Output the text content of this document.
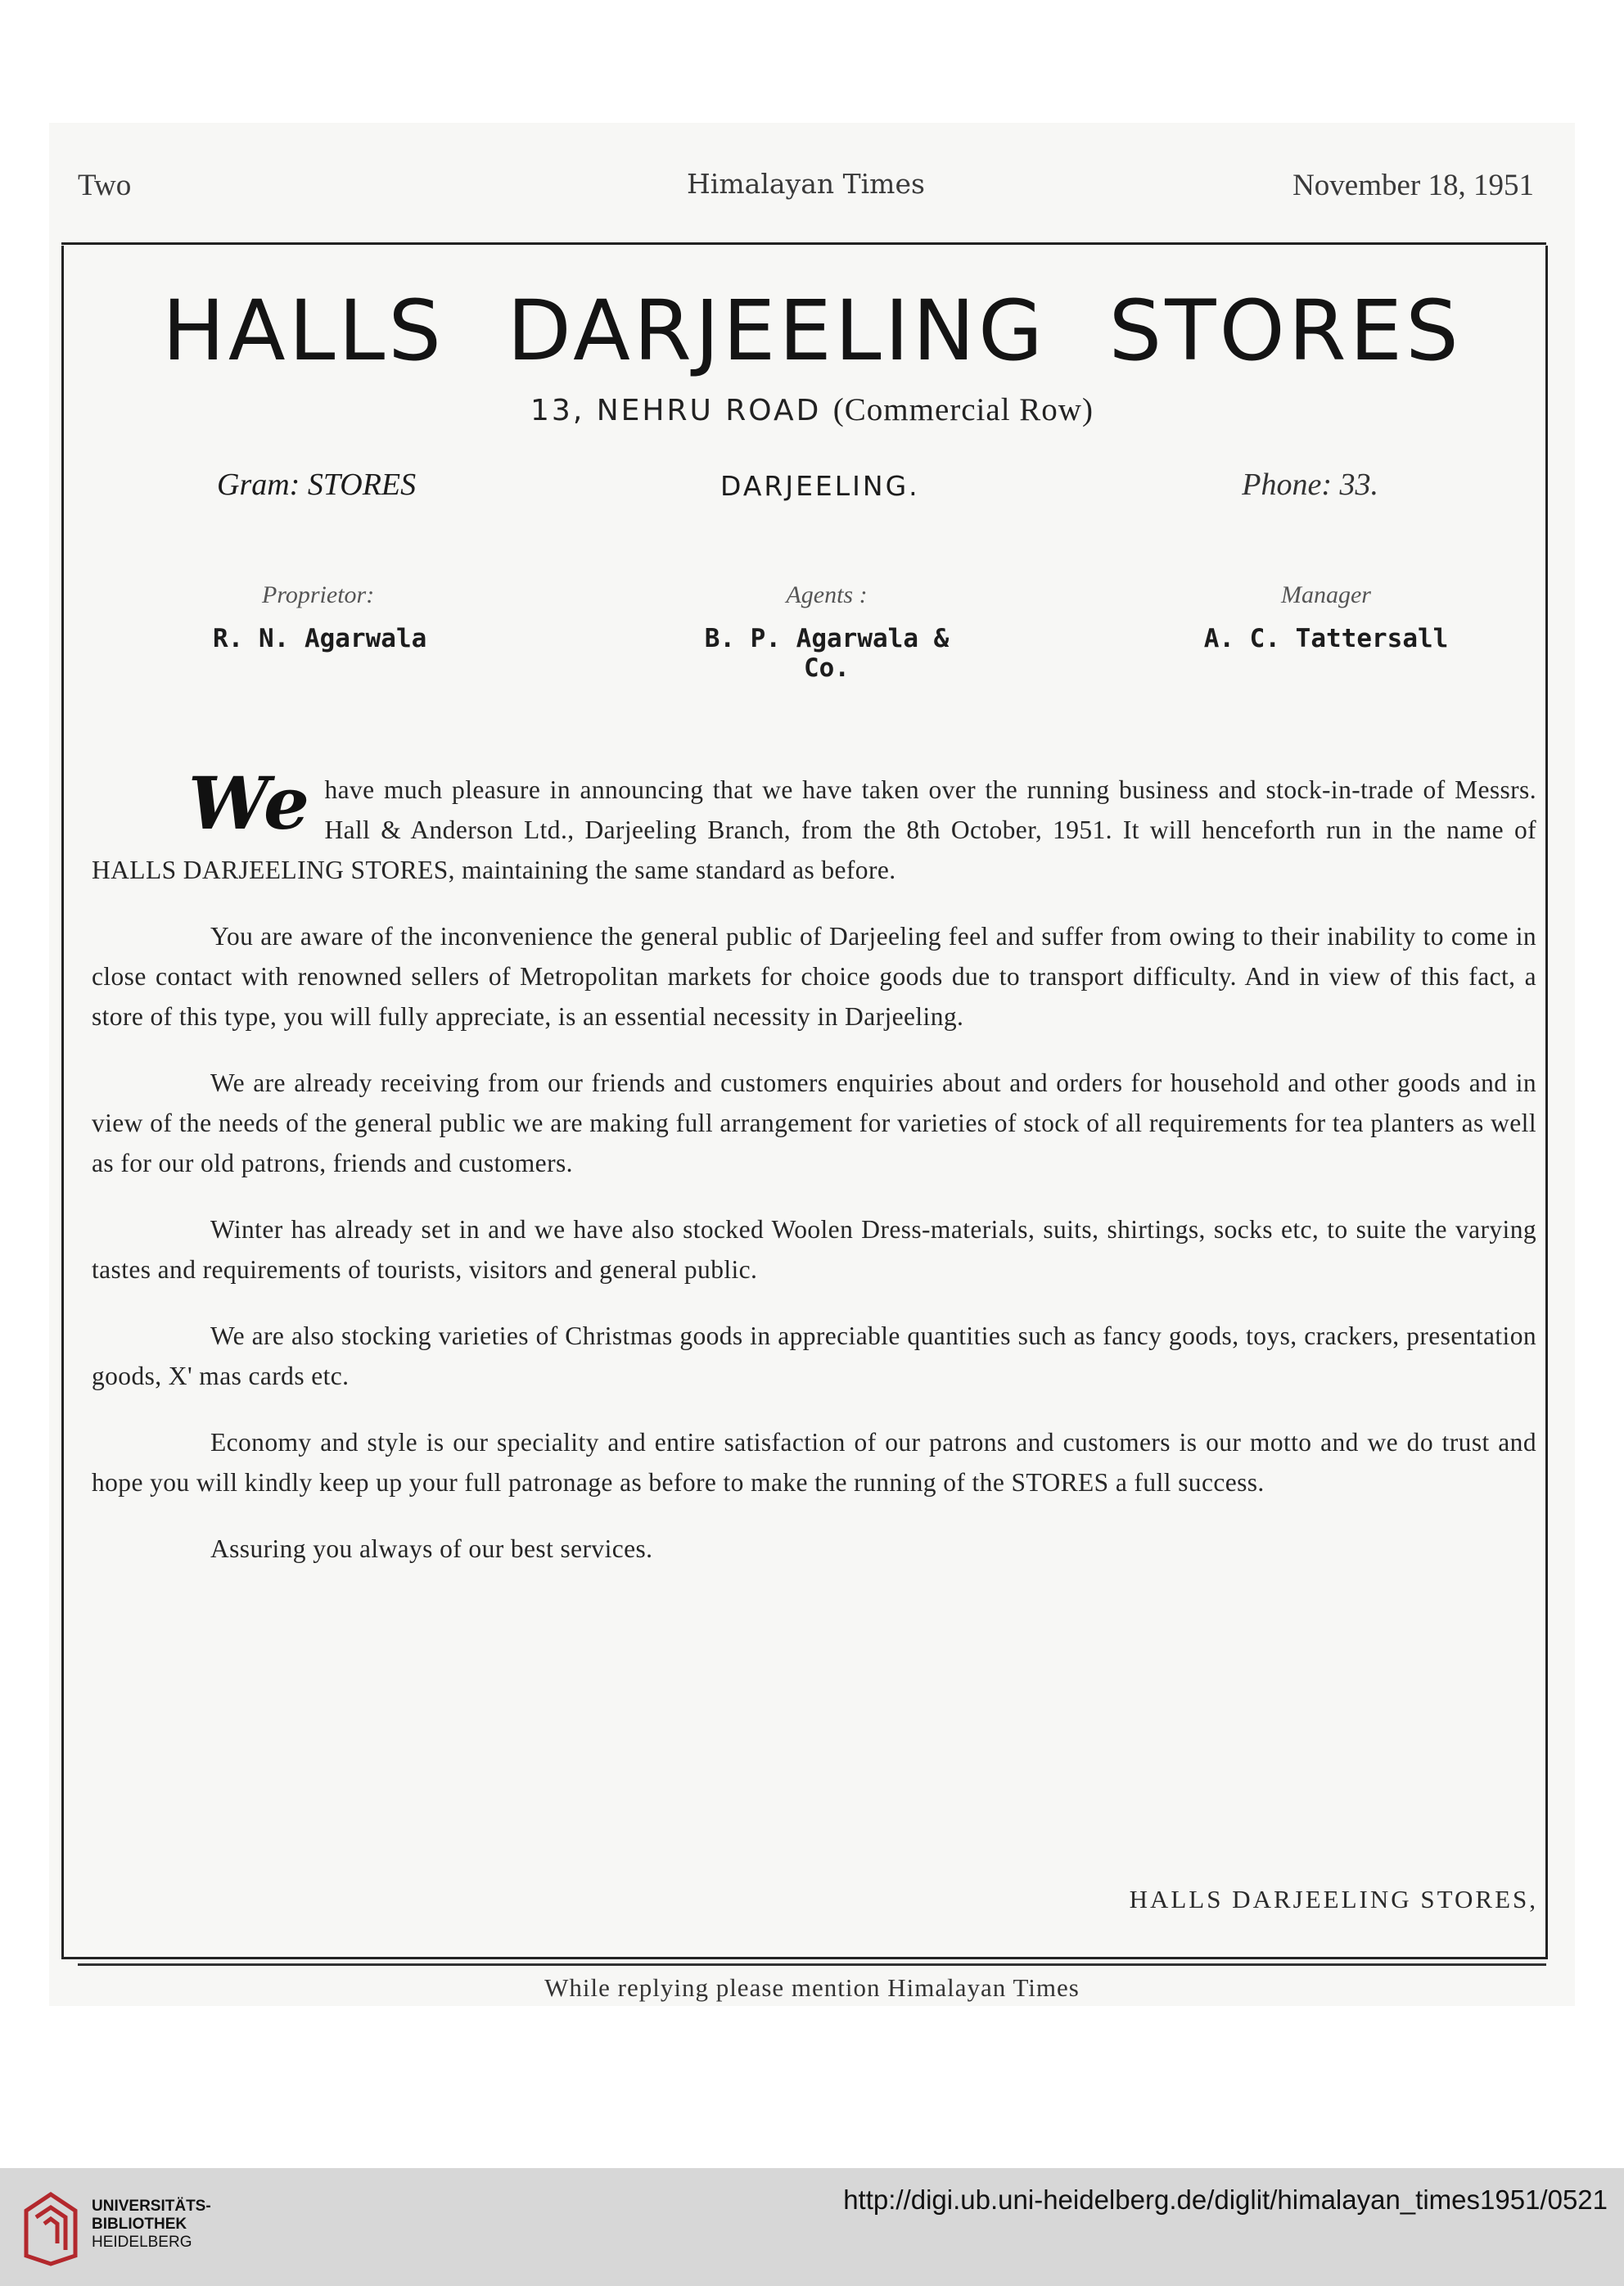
Two	Himalayan Times	November 18, 1951
HALLS DARJEELING STORES
13, NEHRU ROAD (Commercial Row)
Gram: STORES	DARJEELING.	Phone: 33.
Proprietor:
R. N. Agarwala
Agents :
B. P. Agarwala & Co.
Manager
A. C. Tattersall

We have much pleasure in announcing that we have taken over the running business and stock-in-trade of Messrs. Hall & Anderson Ltd., Darjeeling Branch, from the 8th October, 1951. It will henceforth run in the name of HALLS DARJEELING STORES, maintaining the same standard as before.

You are aware of the inconvenience the general public of Darjeeling feel and suffer from owing to their inability to come in close contact with renowned sellers of Metropolitan markets for choice goods due to transport difficulty. And in view of this fact, a store of this type, you will fully appreciate, is an essential necessity in Darjeeling.

We are already receiving from our friends and customers enquiries about and orders for household and other goods and in view of the needs of the general public we are making full arrangement for varieties of stock of all requirements for tea planters as well as for our old patrons, friends and customers.

Winter has already set in and we have also stocked Woolen Dress-materials, suits, shirtings, socks etc, to suite the varying tastes and requirements of tourists, visitors and general public.

We are also stocking varieties of Christmas goods in appreciable quantities such as fancy goods, toys, crackers, presentation goods, X' mas cards etc.

Economy and style is our speciality and entire satisfaction of our patrons and customers is our motto and we do trust and hope you will kindly keep up your full patronage as before to make the running of the STORES a full success.

Assuring you always of our best services.

HALLS DARJEELING STORES,
While replying please mention Himalayan Times
UNIVERSITÄTS-
BIBLIOTHEK
HEIDELBERG
http://digi.ub.uni-heidelberg.de/diglit/himalayan_times1951/0521
